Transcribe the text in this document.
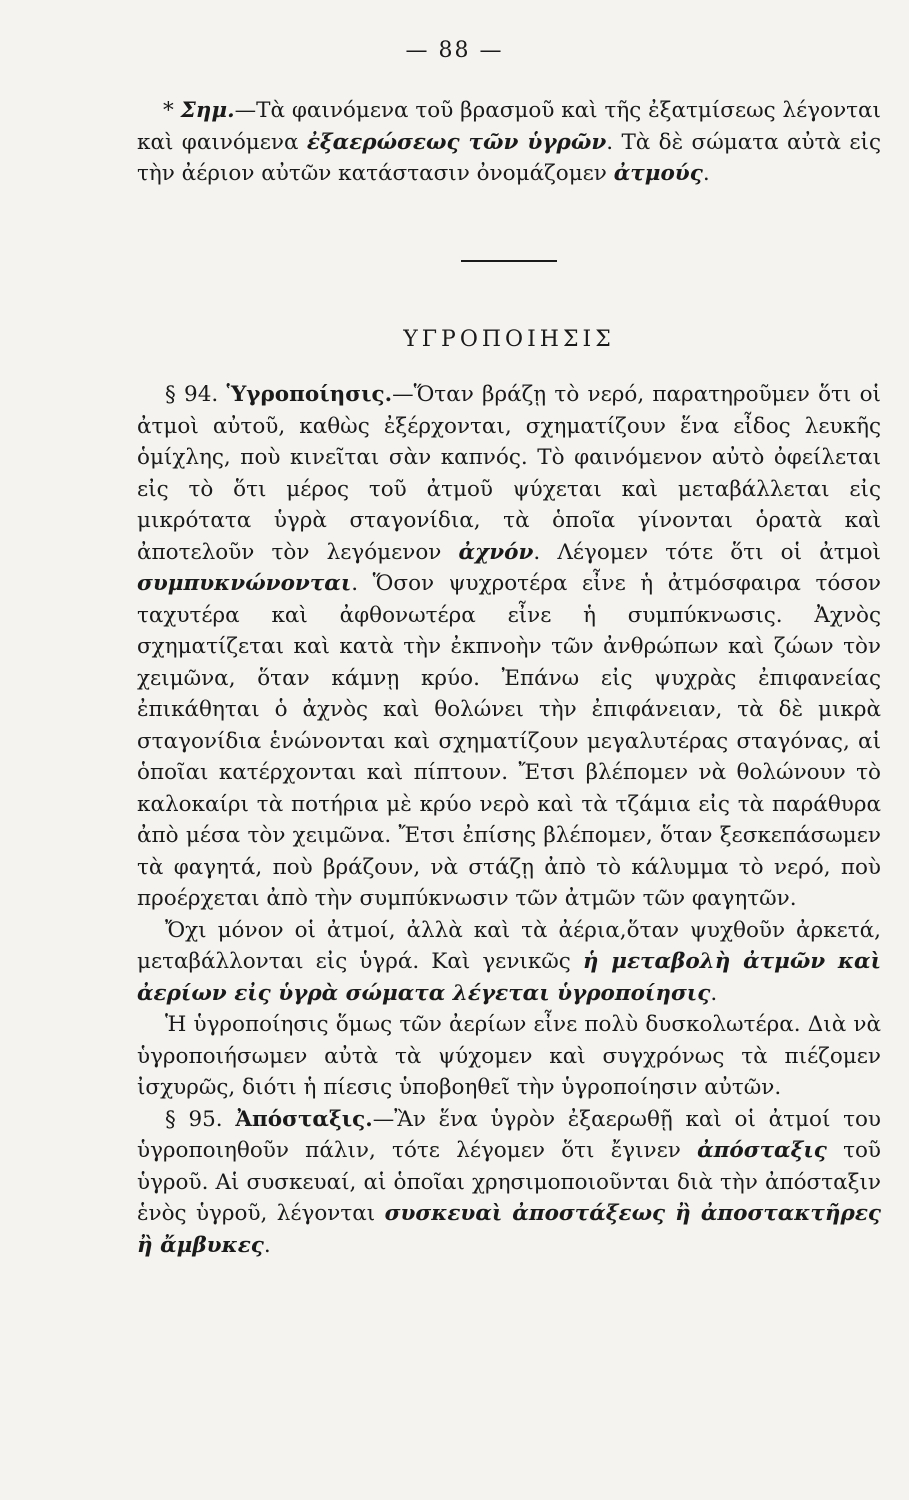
— 88 —

* Σημ.—Τὰ φαινόμενα τοῦ βρασμοῦ καὶ τῆς ἐξατμίσεως λέγονται καὶ φαινόμενα ἐξαερώσεως τῶν ὑγρῶν. Τὰ δὲ σώματα αὐτὰ εἰς τὴν ἀέριον αὐτῶν κατάστασιν ὀνομάζομεν ἀτμούς.

ΥΓΡΟΠΟΙΗΣΙΣ

§ 94. Ὑγροποίησις.—Ὅταν βράζῃ τὸ νερό, παρατηροῦμεν ὅτι οἱ ἀτμοὶ αὐτοῦ, καθὼς ἐξέρχονται, σχηματίζουν ἕνα εἶδος λευκῆς ὁμίχλης, ποὺ κινεῖται σὰν καπνός. Τὸ φαινόμενον αὐτὸ ὀφείλεται εἰς τὸ ὅτι μέρος τοῦ ἀτμοῦ ψύχεται καὶ μεταβάλλεται εἰς μικρότατα ὑγρὰ σταγονίδια, τὰ ὁποῖα γίνονται ὁρατὰ καὶ ἀποτελοῦν τὸν λεγόμενον ἀχνόν. Λέγομεν τότε ὅτι οἱ ἀτμοὶ συμπυκνώνονται. Ὅσον ψυχροτέρα εἶνε ἡ ἀτμόσφαιρα τόσον ταχυτέρα καὶ ἀφθονωτέρα εἶνε ἡ συμπύκνωσις. Ἀχνὸς σχηματίζεται καὶ κατὰ τὴν ἐκπνοὴν τῶν ἀνθρώπων καὶ ζώων τὸν χειμῶνα, ὅταν κάμνῃ κρύο. Ἐπάνω εἰς ψυχρὰς ἐπιφανείας ἐπικάθηται ὁ ἀχνὸς καὶ θολώνει τὴν ἐπιφάνειαν, τὰ δὲ μικρὰ σταγονίδια ἑνώνονται καὶ σχηματίζουν μεγαλυτέρας σταγόνας, αἱ ὁποῖαι κατέρχονται καὶ πίπτουν. Ἔτσι βλέπομεν νὰ θολώνουν τὸ καλοκαίρι τὰ ποτήρια μὲ κρύο νερὸ καὶ τὰ τζάμια εἰς τὰ παράθυρα ἀπὸ μέσα τὸν χειμῶνα. Ἔτσι ἐπίσης βλέπομεν, ὅταν ξεσκεπάσωμεν τὰ φαγητά, ποὺ βράζουν, νὰ στάζῃ ἀπὸ τὸ κάλυμμα τὸ νερό, ποὺ προέρχεται ἀπὸ τὴν συμπύκνωσιν τῶν ἀτμῶν τῶν φαγητῶν.

Ὄχι μόνον οἱ ἀτμοί, ἀλλὰ καὶ τὰ ἀέρια,ὅταν ψυχθοῦν ἀρκετά, μεταβάλλονται εἰς ὑγρά. Καὶ γενικῶς ἡ μεταβολὴ ἀτμῶν καὶ ἀερίων εἰς ὑγρὰ σώματα λέγεται ὑγροποίησις.

Ἡ ὑγροποίησις ὅμως τῶν ἀερίων εἶνε πολὺ δυσκολωτέρα. Διὰ νὰ ὑγροποιήσωμεν αὐτὰ τὰ ψύχομεν καὶ συγχρόνως τὰ πιέζομεν ἰσχυρῶς, διότι ἡ πίεσις ὑποβοηθεῖ τὴν ὑγροποίησιν αὐτῶν.

§ 95. Ἀπόσταξις.—Ἂν ἕνα ὑγρὸν ἐξαερωθῇ καὶ οἱ ἀτμοί του ὑγροποιηθοῦν πάλιν, τότε λέγομεν ὅτι ἔγινεν ἀπόσταξις τοῦ ὑγροῦ. Αἱ συσκευαί, αἱ ὁποῖαι χρησιμοποιοῦνται διὰ τὴν ἀπόσταξιν ἑνὸς ὑγροῦ, λέγονται συσκευαὶ ἀποστάξεως ἢ ἀποστακτῆρες ἢ ἄμβυκες.
